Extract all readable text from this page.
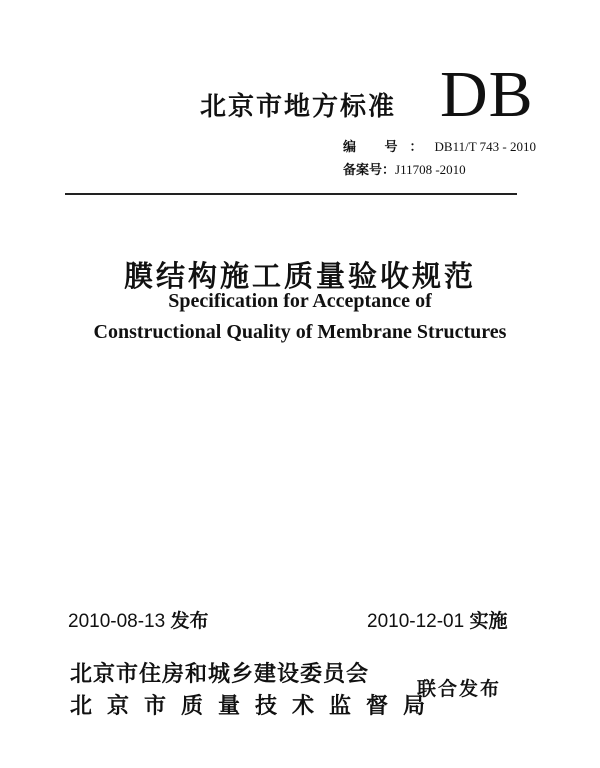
北京市地方标准 DB
编 号：DB11/T 743 - 2010
备案号：J11708 -2010
膜结构施工质量验收规范
Specification for Acceptance of
Constructional Quality of Membrane Structures
2010-08-13 发布	2010-12-01 实施
北京市住房和城乡建设委员会
北京市质量技术监督局
联合发布
